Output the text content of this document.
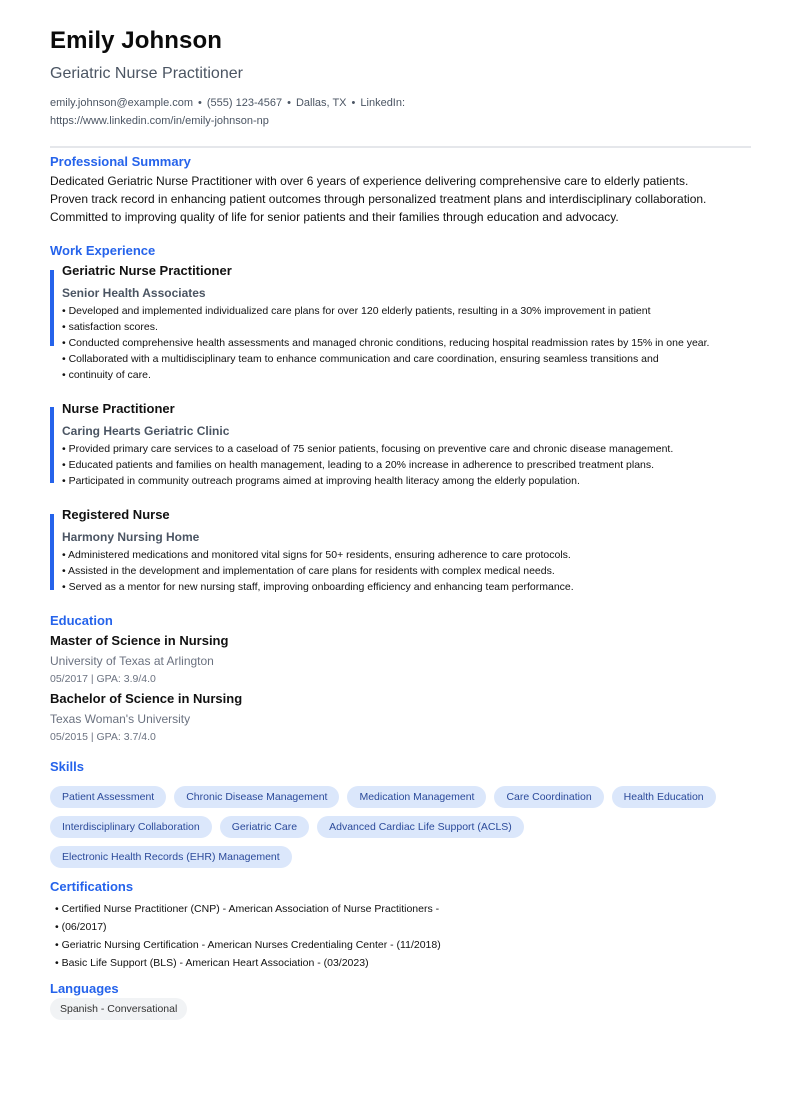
Emily Johnson
Geriatric Nurse Practitioner
emily.johnson@example.com • (555) 123-4567 • Dallas, TX • LinkedIn:
https://www.linkedin.com/in/emily-johnson-np
Professional Summary
Dedicated Geriatric Nurse Practitioner with over 6 years of experience delivering comprehensive care to elderly patients.
Proven track record in enhancing patient outcomes through personalized treatment plans and interdisciplinary collaboration.
Committed to improving quality of life for senior patients and their families through education and advocacy.
Work Experience
Geriatric Nurse Practitioner
Senior Health Associates
• Developed and implemented individualized care plans for over 120 elderly patients, resulting in a 30% improvement in patient
• satisfaction scores.
• Conducted comprehensive health assessments and managed chronic conditions, reducing hospital readmission rates by 15% in one year.
• Collaborated with a multidisciplinary team to enhance communication and care coordination, ensuring seamless transitions and
• continuity of care.
Nurse Practitioner
Caring Hearts Geriatric Clinic
• Provided primary care services to a caseload of 75 senior patients, focusing on preventive care and chronic disease management.
• Educated patients and families on health management, leading to a 20% increase in adherence to prescribed treatment plans.
• Participated in community outreach programs aimed at improving health literacy among the elderly population.
Registered Nurse
Harmony Nursing Home
• Administered medications and monitored vital signs for 50+ residents, ensuring adherence to care protocols.
• Assisted in the development and implementation of care plans for residents with complex medical needs.
• Served as a mentor for new nursing staff, improving onboarding efficiency and enhancing team performance.
Education
Master of Science in Nursing
University of Texas at Arlington
05/2017 | GPA: 3.9/4.0
Bachelor of Science in Nursing
Texas Woman's University
05/2015 | GPA: 3.7/4.0
Skills
Patient Assessment	Chronic Disease Management	Medication Management	Care Coordination	Health Education
Interdisciplinary Collaboration	Geriatric Care	Advanced Cardiac Life Support (ACLS)
Electronic Health Records (EHR) Management
Certifications
• Certified Nurse Practitioner (CNP) - American Association of Nurse Practitioners -
• (06/2017)
• Geriatric Nursing Certification - American Nurses Credentialing Center - (11/2018)
• Basic Life Support (BLS) - American Heart Association - (03/2023)
Languages
Spanish - Conversational
